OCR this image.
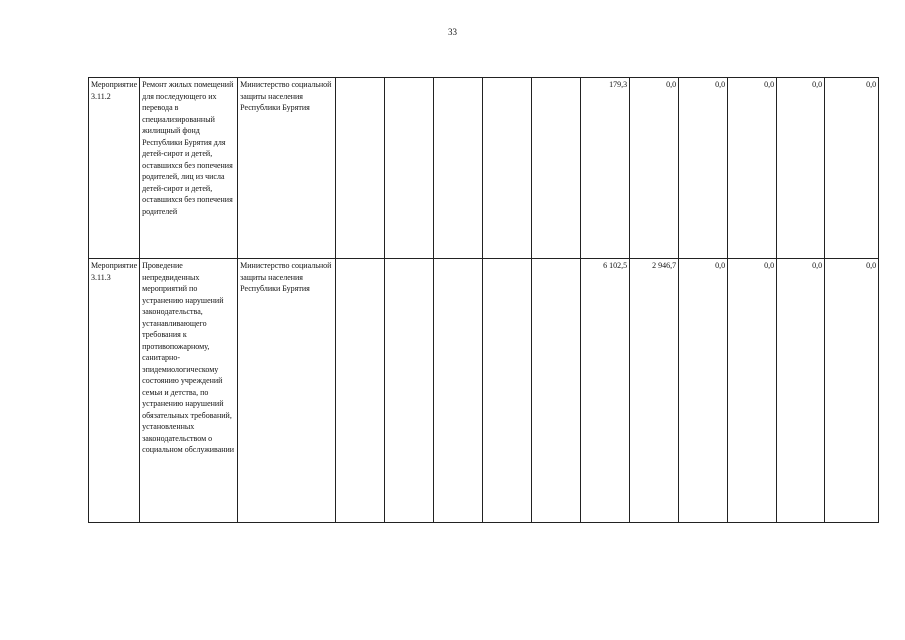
33
Мероприятие 3.11.2	Ремонт жилых помещений для последующего их перевода в специализированный жилищный фонд Республики Бурятия для детей-сирот и детей, оставшихся без попечения родителей, лиц из числа детей-сирот и детей, оставшихся без попечения родителей	Министерство социальной защиты населения Республики Бурятия						179,3	0,0	0,0	0,0	0,0	0,0
Мероприятие 3.11.3	Проведение непредвиденных мероприятий по устранению нарушений законодательства, устанавливающего требования к противопожарному, санитарно-эпидемиологическому состоянию учреждений семьи и детства, по устранению нарушений обязательных требований, установленных законодательством о социальном обслуживании	Министерство социальной защиты населения Республики Бурятия						6 102,5	2 946,7	0,0	0,0	0,0	0,0
